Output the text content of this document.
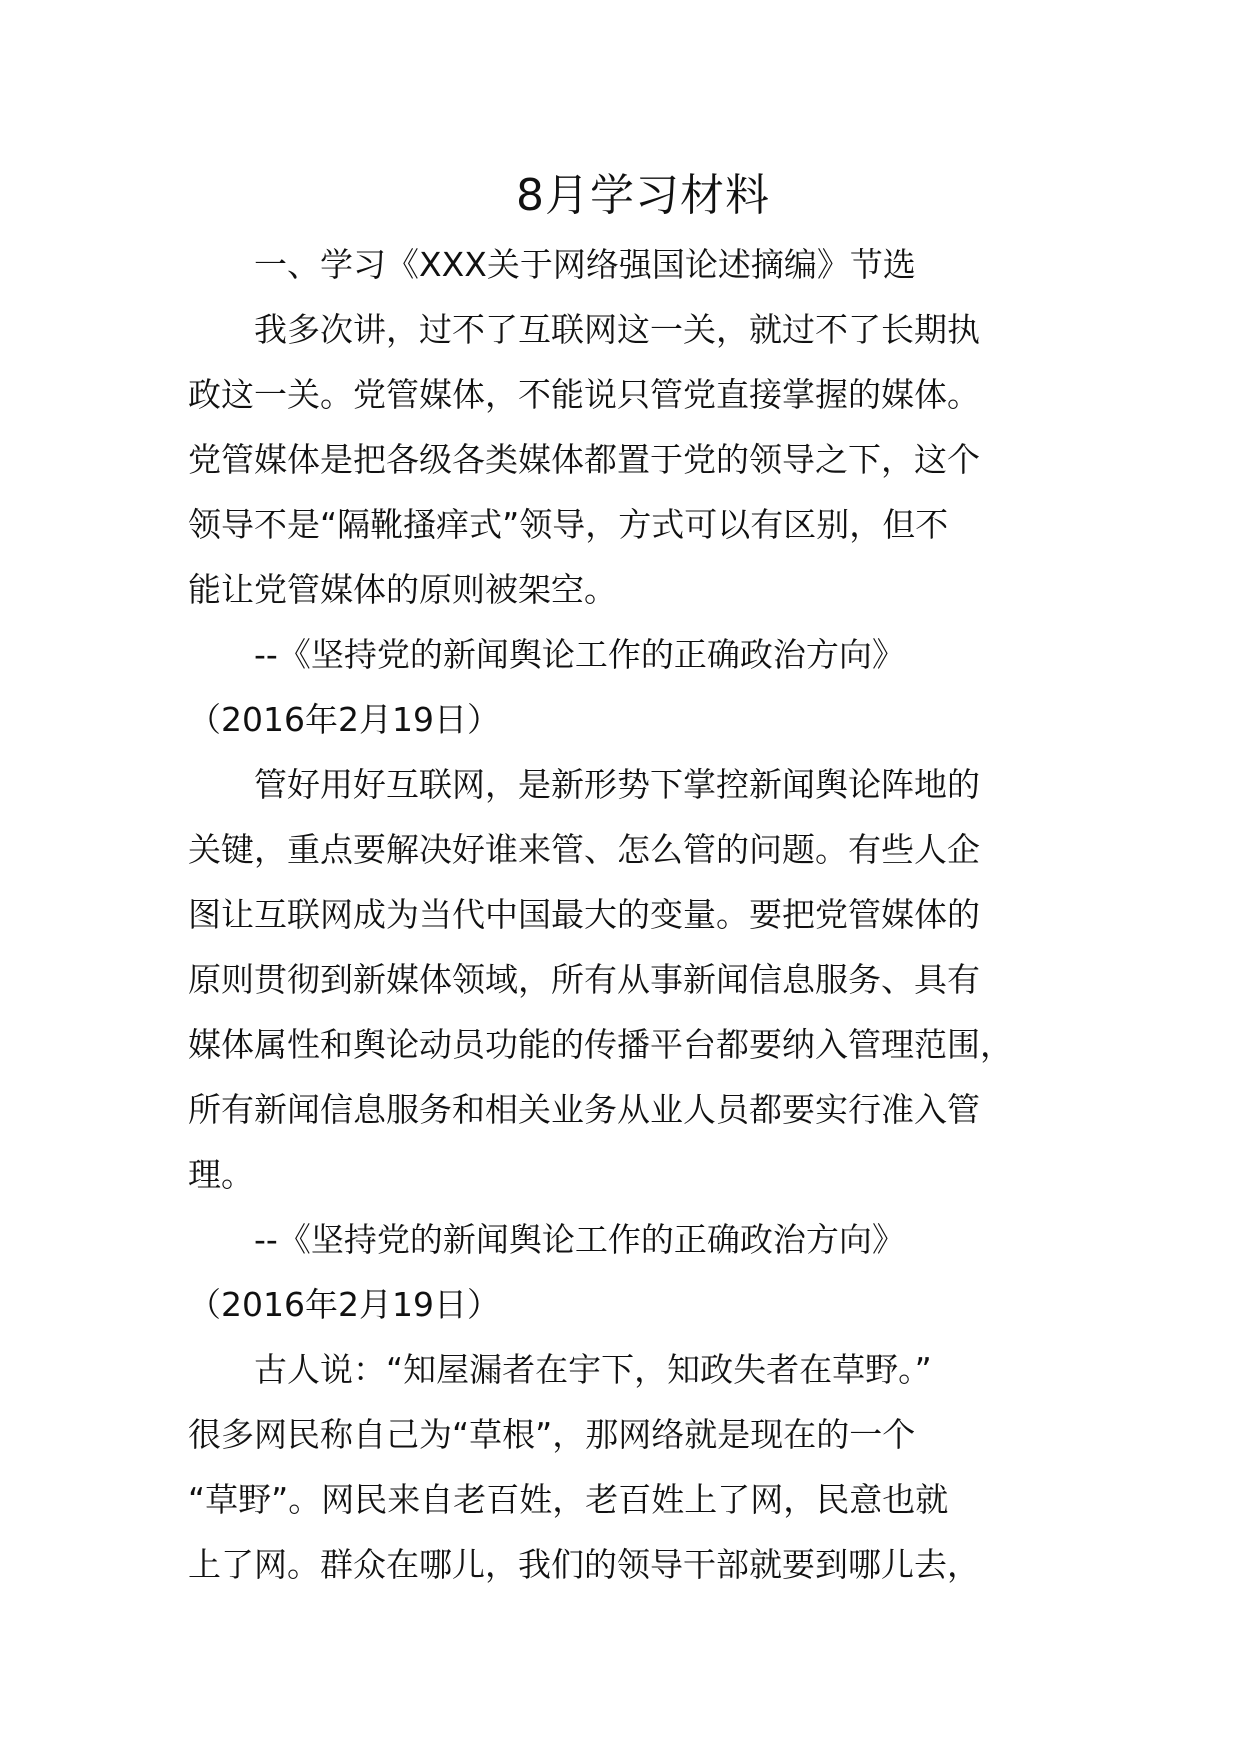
8月学习材料

一、学习《XXX关于网络强国论述摘编》节选

我多次讲，过不了互联网这一关，就过不了长期执

政这一关。党管媒体，不能说只管党直接掌握的媒体。

党管媒体是把各级各类媒体都置于党的领导之下，这个

领导不是“隔靴搔痒式”领导，方式可以有区别，但不

能让党管媒体的原则被架空。

--《坚持党的新闻舆论工作的正确政治方向》

（2016年2月19日）

管好用好互联网，是新形势下掌控新闻舆论阵地的

关键，重点要解决好谁来管、怎么管的问题。有些人企

图让互联网成为当代中国最大的变量。要把党管媒体的

原则贯彻到新媒体领域，所有从事新闻信息服务、具有

媒体属性和舆论动员功能的传播平台都要纳入管理范围，

所有新闻信息服务和相关业务从业人员都要实行准入管

理。

--《坚持党的新闻舆论工作的正确政治方向》

（2016年2月19日）

古人说：“知屋漏者在宇下，知政失者在草野。”

很多网民称自己为“草根”，那网络就是现在的一个

“草野”。网民来自老百姓，老百姓上了网，民意也就

上了网。群众在哪儿，我们的领导干部就要到哪儿去，
